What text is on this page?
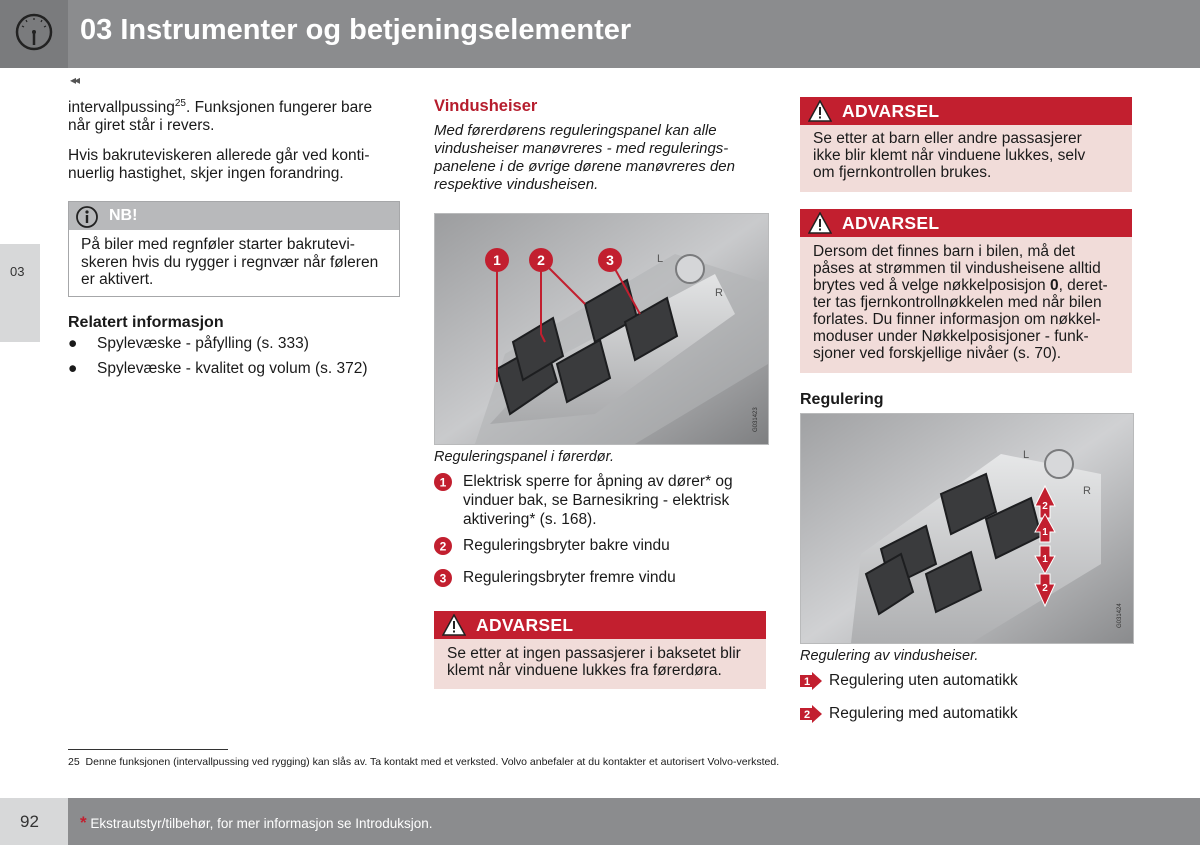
03 Instrumenter og betjeningselementer
◂◂
03
intervallpussing$^{25}$. Funksjonen fungerer bare
når giret står i revers.
Hvis bakruteviskeren allerede går ved konti-
nuerlig hastighet, skjer ingen forandring.
NB!
På biler med regnføler starter bakrutevi-
skeren hvis du rygger i regnvær når føleren
er aktivert.
Relatert informasjon
● Spylevæske - påfylling (s. 333)
● Spylevæske - kvalitet og volum (s. 372)
Vindusheiser
Med førerdørens reguleringspanel kan alle
vindusheiser manøvreres - med regulerings-
panelene i de øvrige dørene manøvreres den
respektive vindusheisen.
L
R
1	2	3
G031423
Reguleringspanel i førerdør.
1 Elektrisk sperre for åpning av dører* og
vinduer bak, se Barnesikring - elektrisk
aktivering* (s. 168).
2 Reguleringsbryter bakre vindu
3 Reguleringsbryter fremre vindu
ADVARSEL
Se etter at ingen passasjerer i baksetet blir
klemt når vinduene lukkes fra førerdøra.
ADVARSEL
Se etter at barn eller andre passasjerer
ikke blir klemt når vinduene lukkes, selv
om fjernkontrollen brukes.
ADVARSEL
Dersom det finnes barn i bilen, må det
påses at strømmen til vindusheisene alltid
brytes ved å velge nøkkelposisjon 0, deret-
ter tas fjernkontrollnøkkelen med når bilen
forlates. Du finner informasjon om nøkkel-
moduser under Nøkkelposisjoner - funk-
sjoner ved forskjellige nivåer (s. 70).
Regulering
L
R
2
1
1
2
G031424
Regulering av vindusheiser.
1 Regulering uten automatikk
2 Regulering med automatikk
25 Denne funksjonen (intervallpussing ved rygging) kan slås av. Ta kontakt med et verksted. Volvo anbefaler at du kontakter et autorisert Volvo-verksted.
92 * Ekstrautstyr/tilbehør, for mer informasjon se Introduksjon.
